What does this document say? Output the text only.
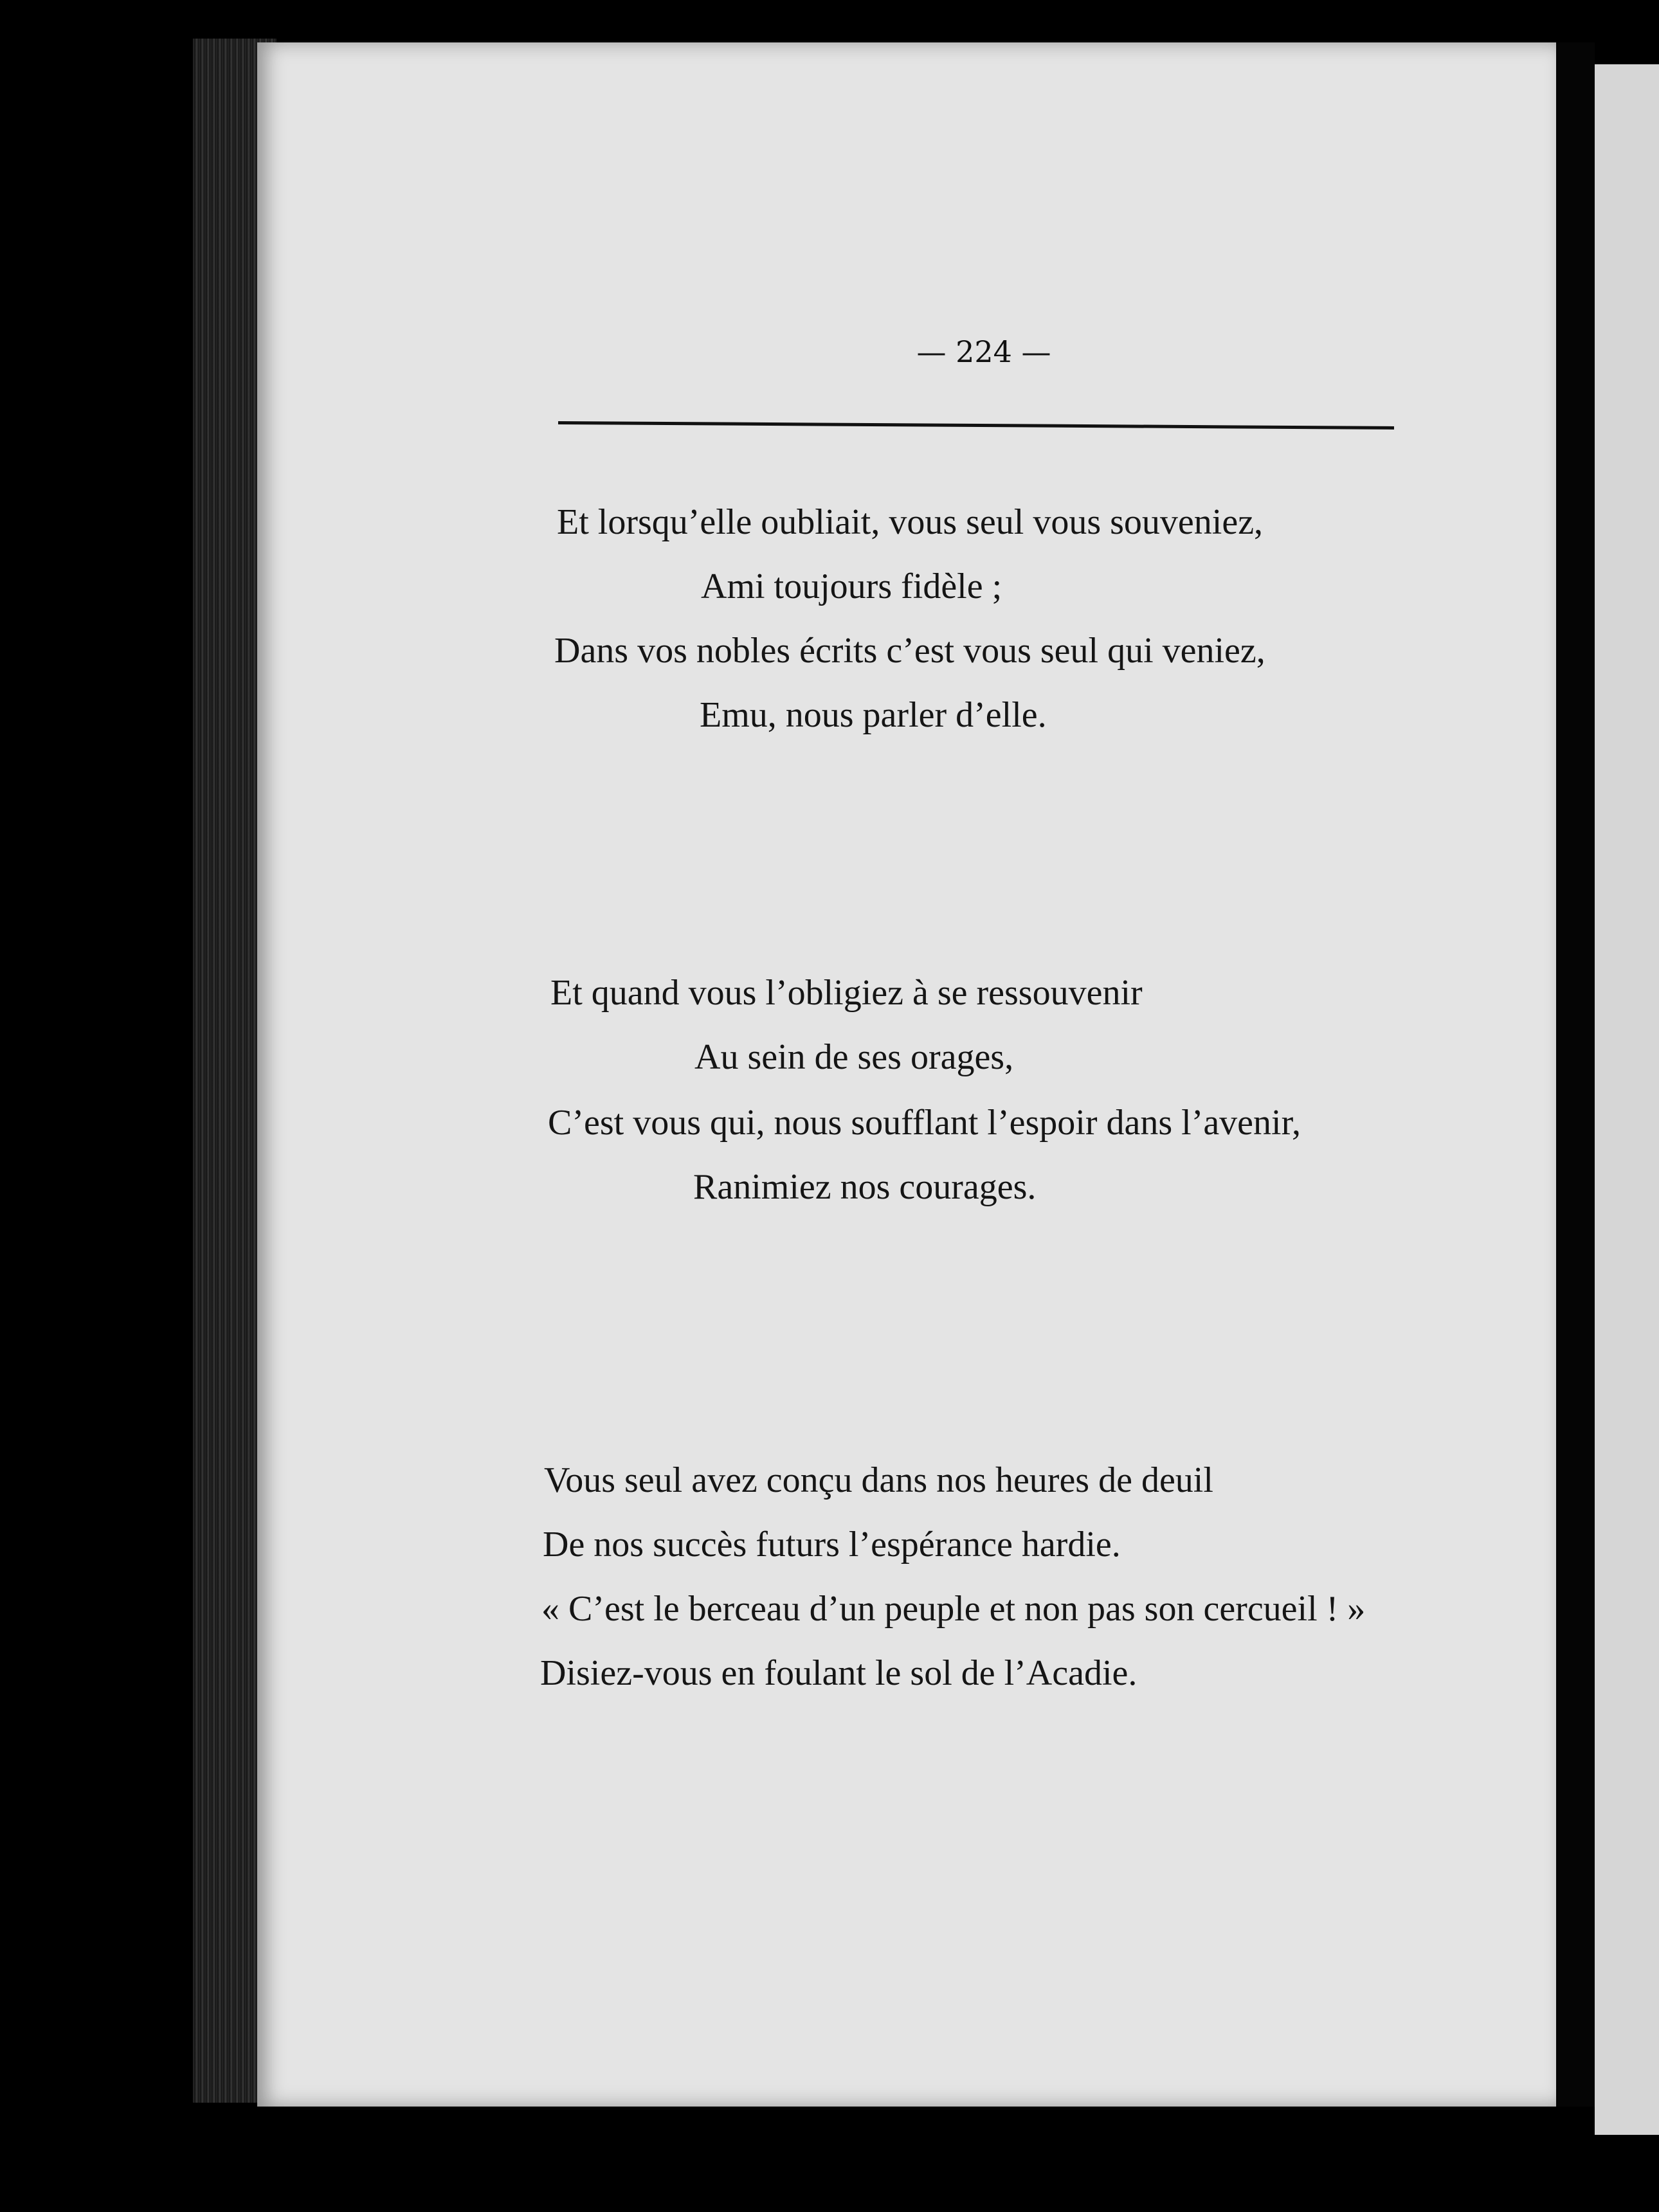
— 224 —
Et lorsqu’elle oubliait, vous seul vous souveniez,
Ami toujours fidèle ;
Dans vos nobles écrits c’est vous seul qui veniez,
Emu, nous parler d’elle.
Et quand vous l’obligiez à se ressouvenir
Au sein de ses orages,
C’est vous qui, nous soufflant l’espoir dans l’avenir,
Ranimiez nos courages.
Vous seul avez conçu dans nos heures de deuil
De nos succès futurs l’espérance hardie.
« C’est le berceau d’un peuple et non pas son cercueil ! »
Disiez-vous en foulant le sol de l’Acadie.
